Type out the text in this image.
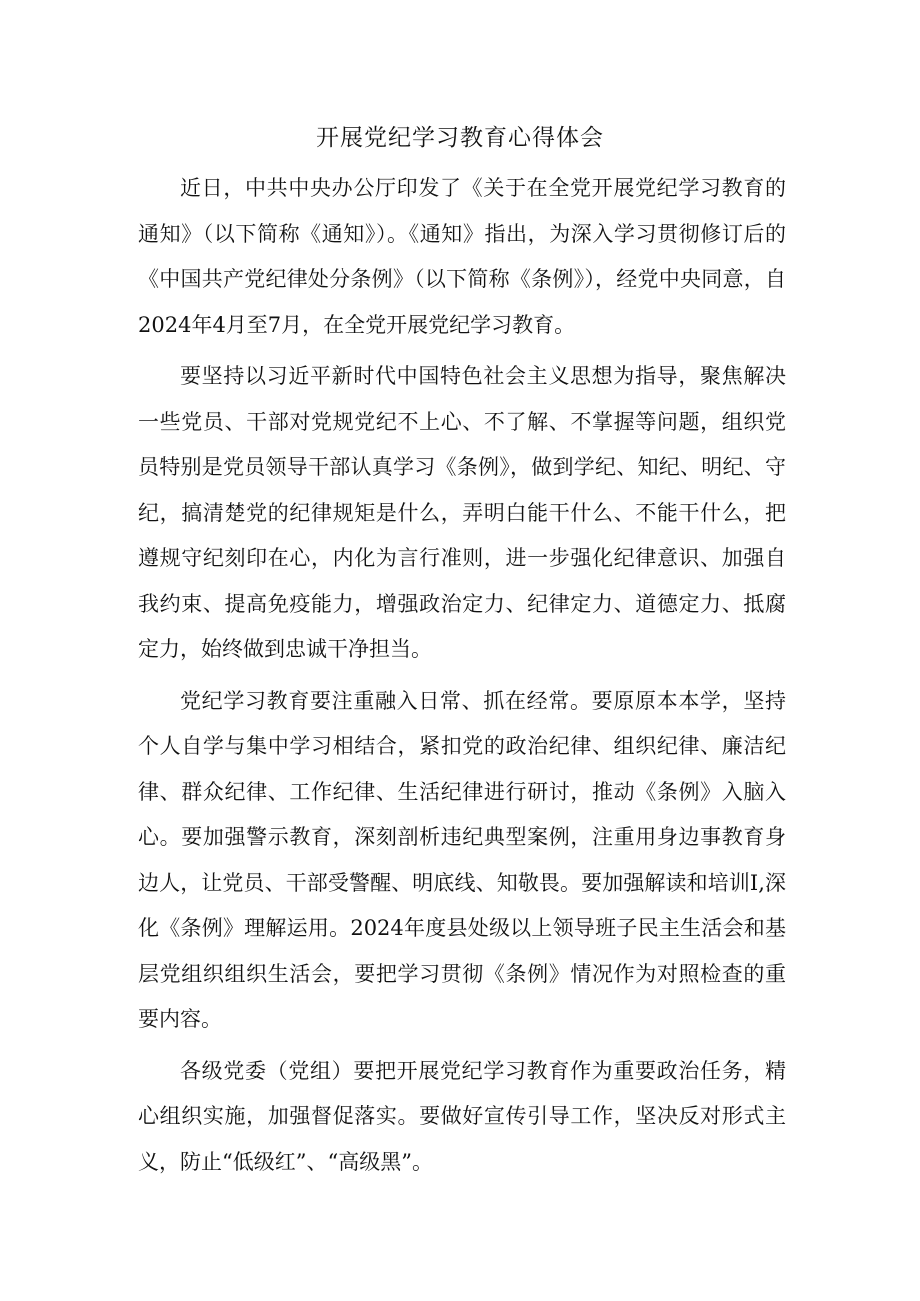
开展党纪学习教育心得体会

近日，中共中央办公厅印发了《关于在全党开展党纪学习教育的通知》（以下简称《通知》）。《通知》指出，为深入学习贯彻修订后的《中国共产党纪律处分条例》（以下简称《条例》），经党中央同意，自2024年4月至7月，在全党开展党纪学习教育。

要坚持以习近平新时代中国特色社会主义思想为指导，聚焦解决一些党员、干部对党规党纪不上心、不了解、不掌握等问题，组织党员特别是党员领导干部认真学习《条例》，做到学纪、知纪、明纪、守纪，搞清楚党的纪律规矩是什么，弄明白能干什么、不能干什么，把遵规守纪刻印在心，内化为言行准则，进一步强化纪律意识、加强自我约束、提高免疫能力，增强政治定力、纪律定力、道德定力、抵腐定力，始终做到忠诚干净担当。

党纪学习教育要注重融入日常、抓在经常。要原原本本学，坚持个人自学与集中学习相结合，紧扣党的政治纪律、组织纪律、廉洁纪律、群众纪律、工作纪律、生活纪律进行研讨，推动《条例》入脑入心。要加强警示教育，深刻剖析违纪典型案例，注重用身边事教育身边人，让党员、干部受警醒、明底线、知敬畏。要加强解读和培训I,深化《条例》理解运用。2024年度县处级以上领导班子民主生活会和基层党组织组织生活会，要把学习贯彻《条例》情况作为对照检查的重要内容。

各级党委（党组）要把开展党纪学习教育作为重要政治任务，精心组织实施，加强督促落实。要做好宣传引导工作，坚决反对形式主义，防止“低级红”、“高级黑”。
